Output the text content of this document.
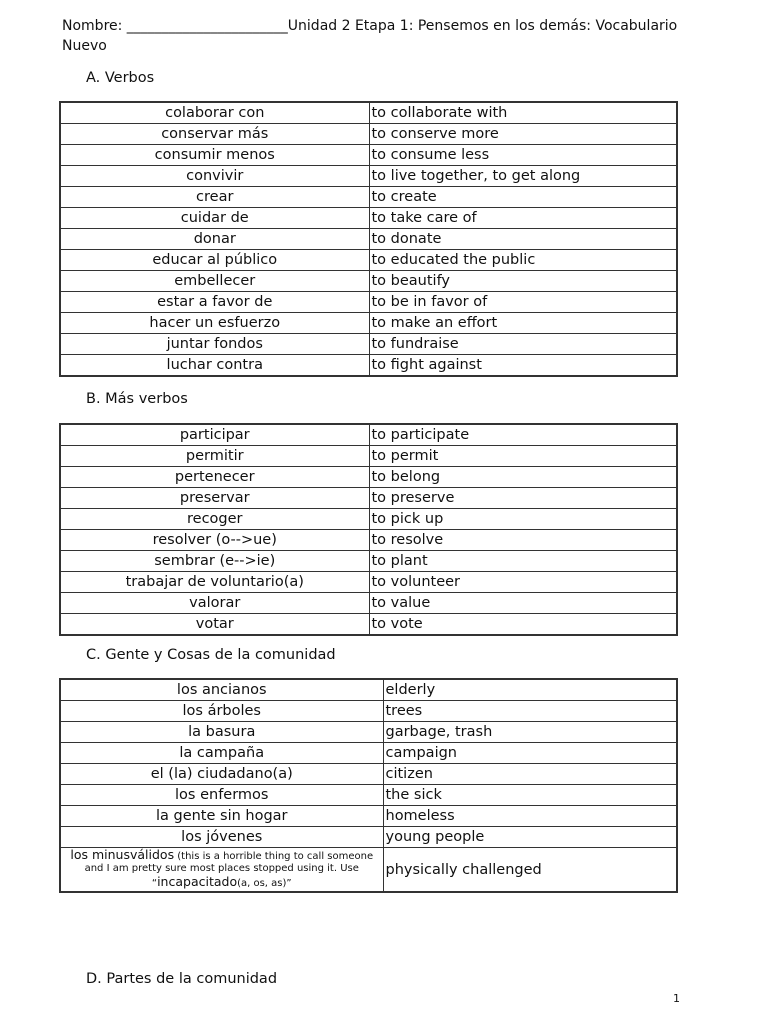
Nombre: _______________________Unidad 2 Etapa 1: Pensemos en los demás: Vocabulario
Nuevo
A. Verbos
colaborar con	to collaborate with
conservar más	to conserve more
consumir menos	to consume less
convivir	to live together, to get along
crear	to create
cuidar de	to take care of
donar	to donate
educar al público	to educated the public
embellecer	to beautify
estar a favor de	to be in favor of
hacer un esfuerzo	to make an effort
juntar fondos	to fundraise
luchar contra	to fight against
B. Más verbos
participar	to participate
permitir	to permit
pertenecer	to belong
preservar	to preserve
recoger	to pick up
resolver (o-->ue)	to resolve
sembrar (e-->ie)	to plant
trabajar de voluntario(a)	to volunteer
valorar	to value
votar	to vote
C. Gente y Cosas de la comunidad
los ancianos	elderly
los árboles	trees
la basura	garbage, trash
la campaña	campaign
el (la) ciudadano(a)	citizen
los enfermos	the sick
la gente sin hogar	homeless
los jóvenes	young people
los minusválidos (this is a horrible thing to call someone and I am pretty sure most places stopped using it. Use “incapacitado(a, os, as)”	physically challenged
D. Partes de la comunidad
1
